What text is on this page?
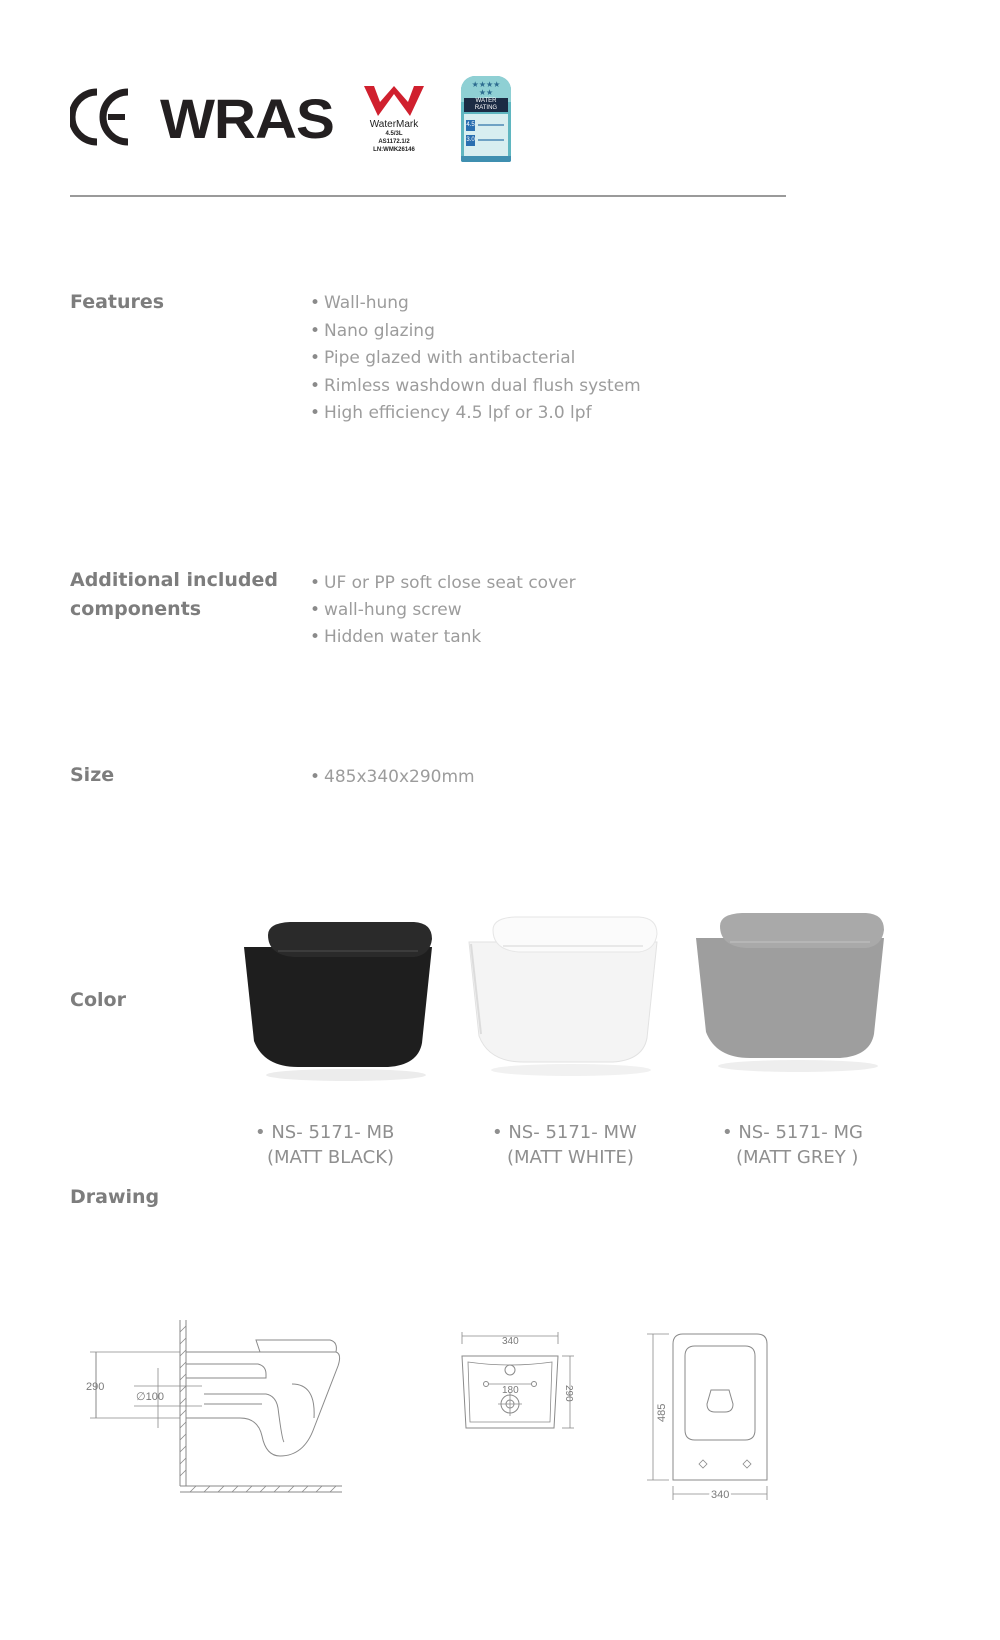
WRAS	WaterMark
4.5/3L
AS1172.1/2
LN:WMK26146
★★★★
★★
WATER
RATING
4.5
3.0
Features	• Wall-hung
• Nano glazing
• Pipe glazed with antibacterial
• Rimless washdown dual flush system
• High efficiency 4.5 lpf or 3.0 lpf
Additional included
components
• UF or PP soft close seat cover
• wall-hung screw
• Hidden water tank
Size	• 485x340x290mm
Color
• NS- 5171- MB
(MATT BLACK)
• NS- 5171- MW
(MATT WHITE)
• NS- 5171- MG
(MATT GREY )
Drawing
290
∅100
340
180	290
485
340
